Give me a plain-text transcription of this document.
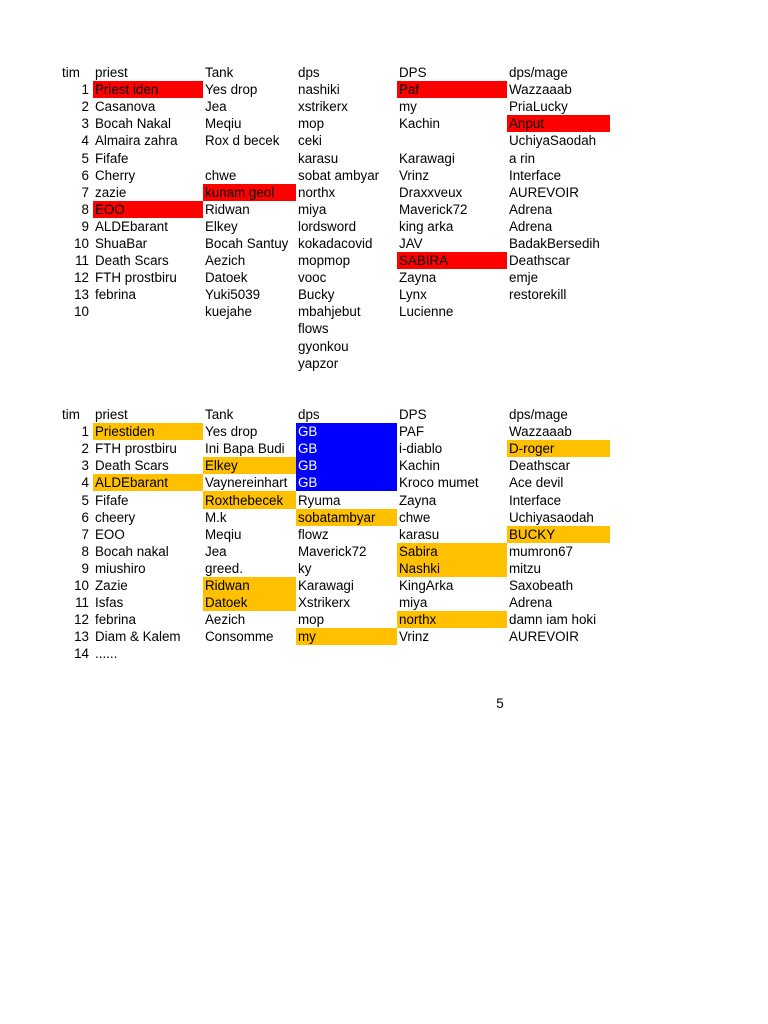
tim	priest	Tank	dps	DPS	dps/mage
1	Priest iden	Yes drop	nashiki	Paf	Wazzaaab
2	Casanova	Jea	xstrikerx	my	PriaLucky
3	Bocah Nakal	Meqiu	mop	Kachin	Anput
4	Almaira zahra	Rox d becek	ceki		UchiyaSaodah
5	Fifafe		karasu	Karawagi	a rin
6	Cherry	chwe	sobat ambyar	Vrinz	Interface
7	zazie	kunam geol	northx	Draxxveux	AUREVOIR
8	EOO	Ridwan	miya	Maverick72	Adrena
9	ALDEbarant	Elkey	lordsword	king arka	Adrena
10	ShuaBar	Bocah Santuy	kokadacovid	JAV	BadakBersedih
11	Death Scars	Aezich	mopmop	SABIRA	Deathscar
12	FTH prostbiru	Datoek	vooc	Zayna	emje
13	febrina	Yuki5039	Bucky	Lynx	restorekill
10		kuejahe	mbahjebut	Lucienne	
			flows		
			gyonkou		
			yapzor		
tim	priest	Tank	dps	DPS	dps/mage
1	Priestiden	Yes drop	GB	PAF	Wazzaaab
2	FTH prostbiru	Ini Bapa Budi	GB	i-diablo	D-roger
3	Death Scars	Elkey	GB	Kachin	Deathscar
4	ALDEbarant	Vaynereinhart	GB	Kroco mumet	Ace devil
5	Fifafe	Roxthebecek	Ryuma	Zayna	Interface
6	cheery	M.k	sobatambyar	chwe	Uchiyasaodah
7	EOO	Meqiu	flowz	karasu	BUCKY
8	Bocah nakal	Jea	Maverick72	Sabira	mumron67
9	miushiro	greed.	ky	Nashki	mitzu
10	Zazie	Ridwan	Karawagi	KingArka	Saxobeath
11	Isfas	Datoek	Xstrikerx	miya	Adrena
12	febrina	Aezich	mop	northx	damn iam hoki
13	Diam & Kalem	Consomme	my	Vrinz	AUREVOIR
14	......				
5
